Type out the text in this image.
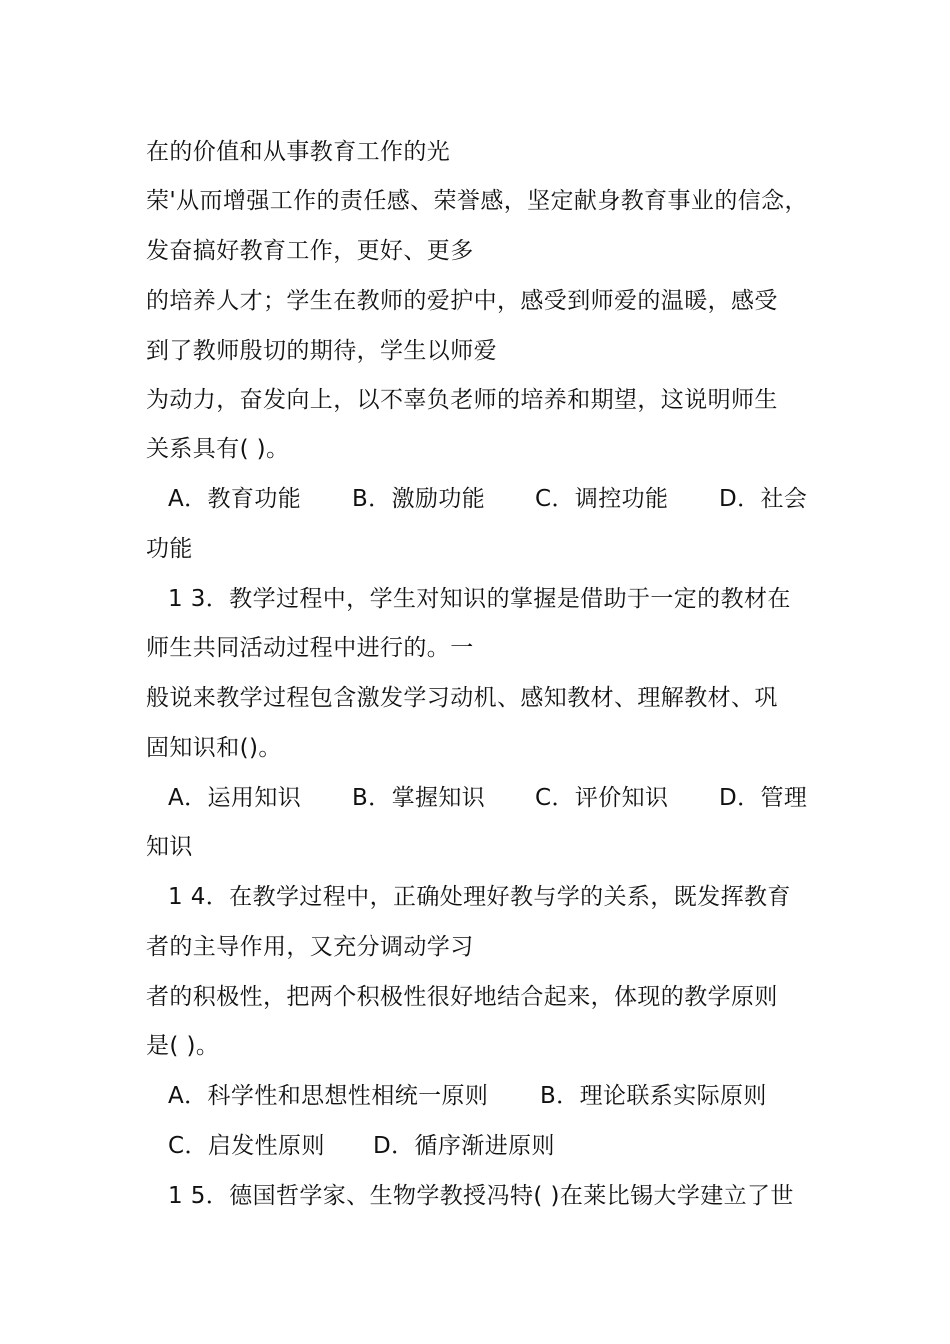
在的价值和从事教育工作的光
荣'从而增强工作的责任感、荣誉感，坚定献身教育事业的信念，
发奋搞好教育工作，更好、更多
的培养人才；学生在教师的爱护中，感受到师爱的温暖，感受
到了教师殷切的期待，学生以师爱
为动力，奋发向上，以不辜负老师的培养和期望，这说明师生
关系具有( )。
A．教育功能 B．激励功能 C．调控功能 D．社会
功能
1 3．教学过程中，学生对知识的掌握是借助于一定的教材在
师生共同活动过程中进行的。一
般说来教学过程包含激发学习动机、感知教材、理解教材、巩
固知识和()。
A．运用知识 B．掌握知识 C．评价知识 D．管理
知识
1 4．在教学过程中，正确处理好教与学的关系，既发挥教育
者的主导作用，又充分调动学习
者的积极性，把两个积极性很好地结合起来，体现的教学原则
是( )。
A．科学性和思想性相统一原则 B．理论联系实际原则
C．启发性原则 D．循序渐进原则
1 5．德国哲学家、生物学教授冯特( )在莱比锡大学建立了世
